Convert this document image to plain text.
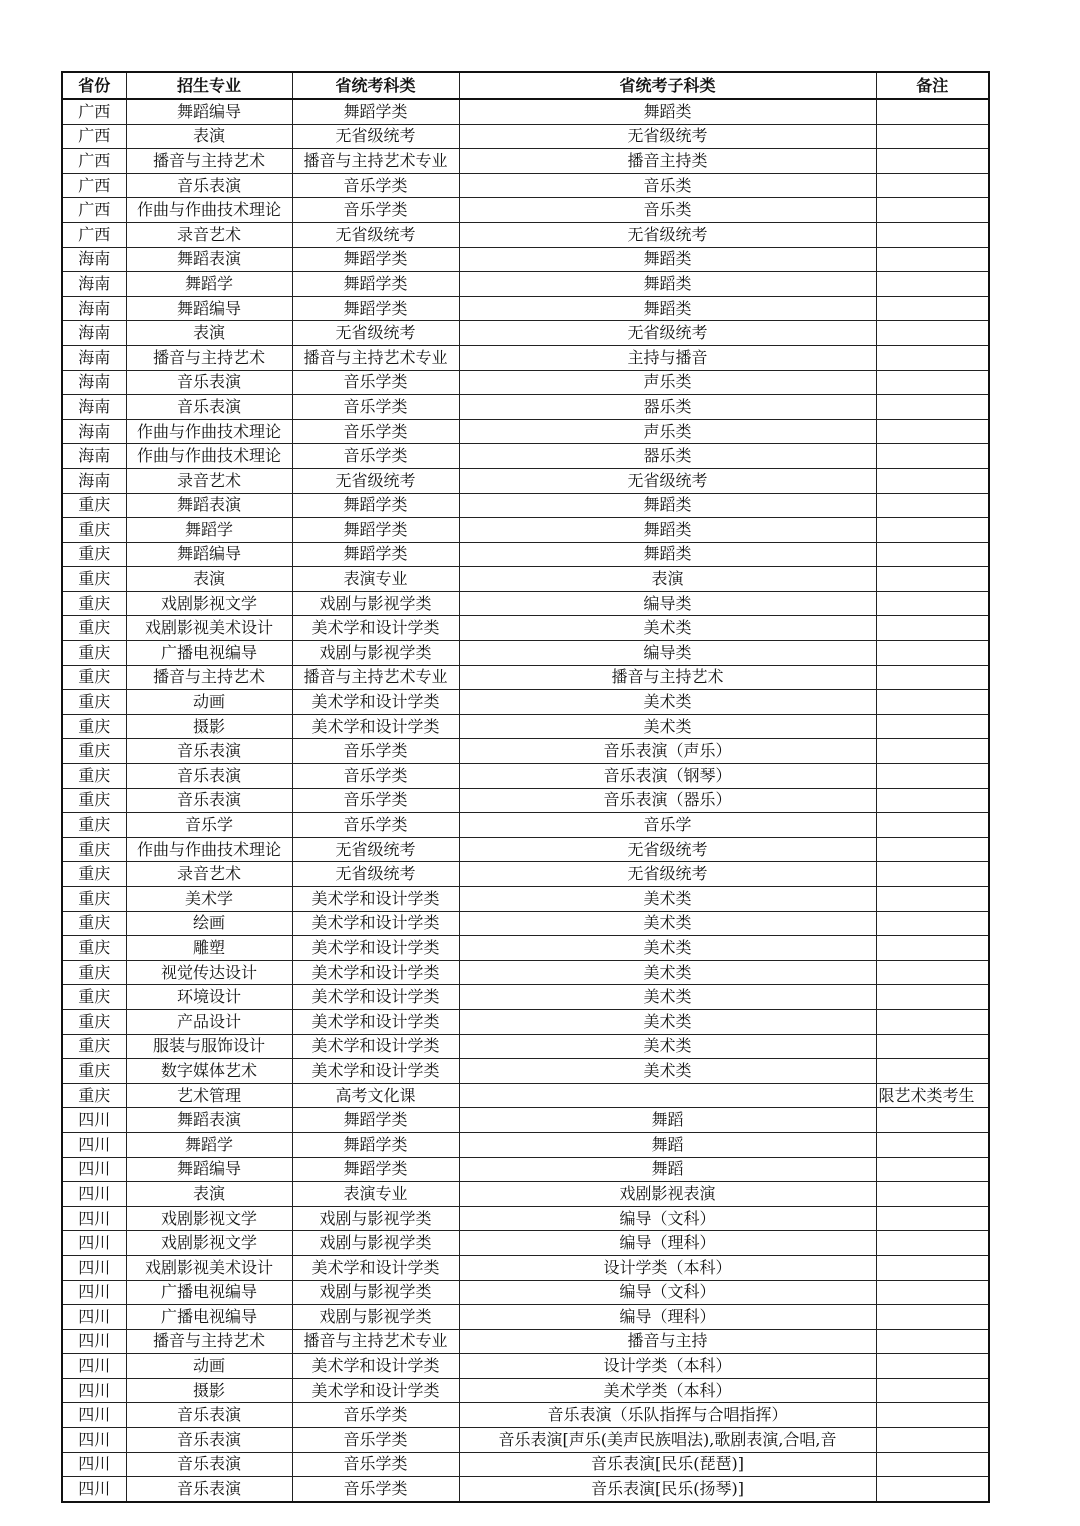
省份	招生专业	省统考科类	省统考子科类	备注
广西	舞蹈编导	舞蹈学类	舞蹈类	
广西	表演	无省级统考	无省级统考	
广西	播音与主持艺术	播音与主持艺术专业	播音主持类	
广西	音乐表演	音乐学类	音乐类	
广西	作曲与作曲技术理论	音乐学类	音乐类	
广西	录音艺术	无省级统考	无省级统考	
海南	舞蹈表演	舞蹈学类	舞蹈类	
海南	舞蹈学	舞蹈学类	舞蹈类	
海南	舞蹈编导	舞蹈学类	舞蹈类	
海南	表演	无省级统考	无省级统考	
海南	播音与主持艺术	播音与主持艺术专业	主持与播音	
海南	音乐表演	音乐学类	声乐类	
海南	音乐表演	音乐学类	器乐类	
海南	作曲与作曲技术理论	音乐学类	声乐类	
海南	作曲与作曲技术理论	音乐学类	器乐类	
海南	录音艺术	无省级统考	无省级统考	
重庆	舞蹈表演	舞蹈学类	舞蹈类	
重庆	舞蹈学	舞蹈学类	舞蹈类	
重庆	舞蹈编导	舞蹈学类	舞蹈类	
重庆	表演	表演专业	表演	
重庆	戏剧影视文学	戏剧与影视学类	编导类	
重庆	戏剧影视美术设计	美术学和设计学类	美术类	
重庆	广播电视编导	戏剧与影视学类	编导类	
重庆	播音与主持艺术	播音与主持艺术专业	播音与主持艺术	
重庆	动画	美术学和设计学类	美术类	
重庆	摄影	美术学和设计学类	美术类	
重庆	音乐表演	音乐学类	音乐表演（声乐）	
重庆	音乐表演	音乐学类	音乐表演（钢琴）	
重庆	音乐表演	音乐学类	音乐表演（器乐）	
重庆	音乐学	音乐学类	音乐学	
重庆	作曲与作曲技术理论	无省级统考	无省级统考	
重庆	录音艺术	无省级统考	无省级统考	
重庆	美术学	美术学和设计学类	美术类	
重庆	绘画	美术学和设计学类	美术类	
重庆	雕塑	美术学和设计学类	美术类	
重庆	视觉传达设计	美术学和设计学类	美术类	
重庆	环境设计	美术学和设计学类	美术类	
重庆	产品设计	美术学和设计学类	美术类	
重庆	服装与服饰设计	美术学和设计学类	美术类	
重庆	数字媒体艺术	美术学和设计学类	美术类	
重庆	艺术管理	高考文化课		限艺术类考生
四川	舞蹈表演	舞蹈学类	舞蹈	
四川	舞蹈学	舞蹈学类	舞蹈	
四川	舞蹈编导	舞蹈学类	舞蹈	
四川	表演	表演专业	戏剧影视表演	
四川	戏剧影视文学	戏剧与影视学类	编导（文科）	
四川	戏剧影视文学	戏剧与影视学类	编导（理科）	
四川	戏剧影视美术设计	美术学和设计学类	设计学类（本科）	
四川	广播电视编导	戏剧与影视学类	编导（文科）	
四川	广播电视编导	戏剧与影视学类	编导（理科）	
四川	播音与主持艺术	播音与主持艺术专业	播音与主持	
四川	动画	美术学和设计学类	设计学类（本科）	
四川	摄影	美术学和设计学类	美术学类（本科）	
四川	音乐表演	音乐学类	音乐表演（乐队指挥与合唱指挥）	
四川	音乐表演	音乐学类	音乐表演[声乐(美声民族唱法),歌剧表演,合唱,音	
四川	音乐表演	音乐学类	音乐表演[民乐(琵琶)]	
四川	音乐表演	音乐学类	音乐表演[民乐(扬琴)]	
